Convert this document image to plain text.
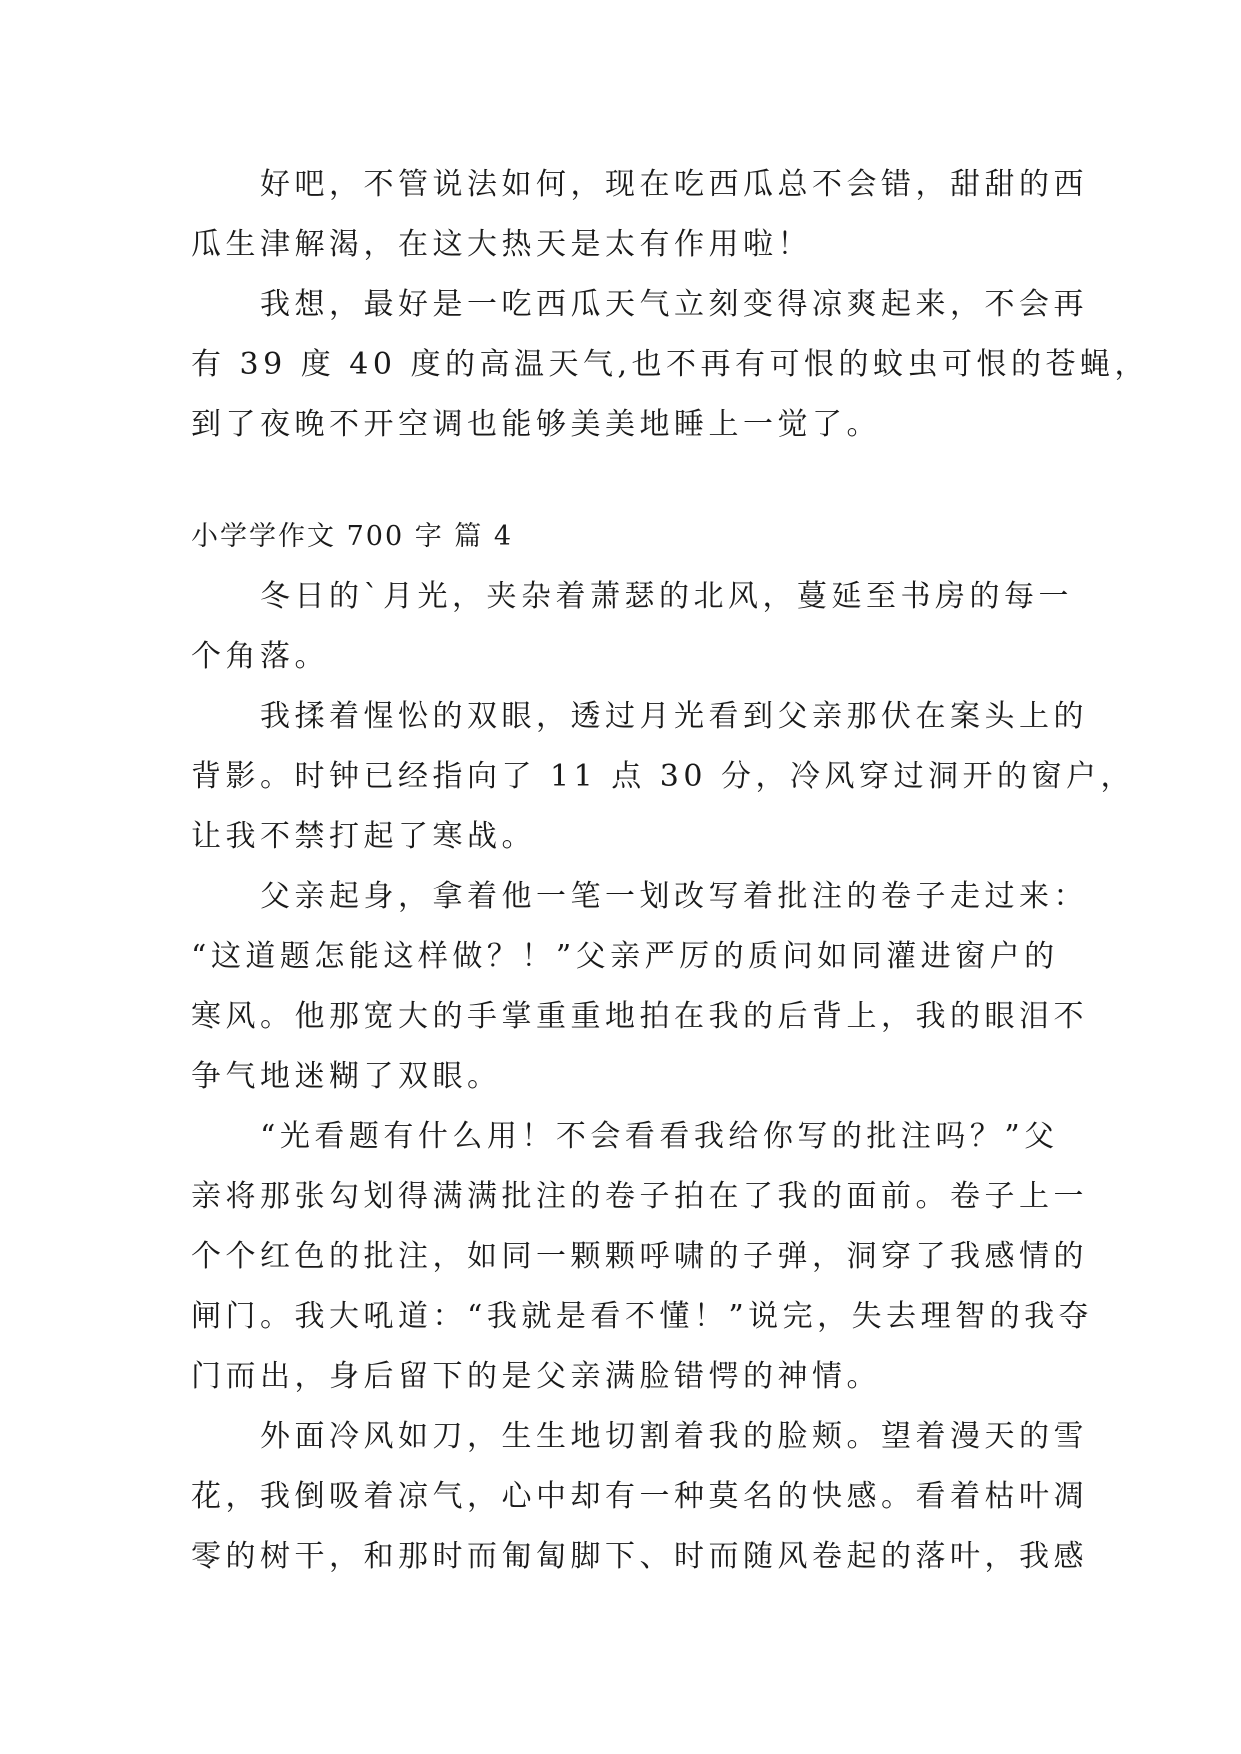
　　好吧，不管说法如何，现在吃西瓜总不会错，甜甜的西
瓜生津解渴，在这大热天是太有作用啦！
　　我想，最好是一吃西瓜天气立刻变得凉爽起来，不会再
有 39 度 40 度的高温天气,也不再有可恨的蚊虫可恨的苍蝇，
到了夜晚不开空调也能够美美地睡上一觉了。
小学学作文 700 字 篇 4
　　冬日的`月光，夹杂着萧瑟的北风，蔓延至书房的每一
个角落。
　　我揉着惺忪的双眼，透过月光看到父亲那伏在案头上的
背影。时钟已经指向了 11 点 30 分，冷风穿过洞开的窗户，
让我不禁打起了寒战。
　　父亲起身，拿着他一笔一划改写着批注的卷子走过来：
“这道题怎能这样做？！”父亲严厉的质问如同灌进窗户的
寒风。他那宽大的手掌重重地拍在我的后背上，我的眼泪不
争气地迷糊了双眼。
　　“光看题有什么用！不会看看我给你写的批注吗？”父
亲将那张勾划得满满批注的卷子拍在了我的面前。卷子上一
个个红色的批注，如同一颗颗呼啸的子弹，洞穿了我感情的
闸门。我大吼道：“我就是看不懂！”说完，失去理智的我夺
门而出，身后留下的是父亲满脸错愕的神情。
　　外面冷风如刀，生生地切割着我的脸颊。望着漫天的雪
花，我倒吸着凉气，心中却有一种莫名的快感。看着枯叶凋
零的树干，和那时而匍匐脚下、时而随风卷起的落叶，我感
